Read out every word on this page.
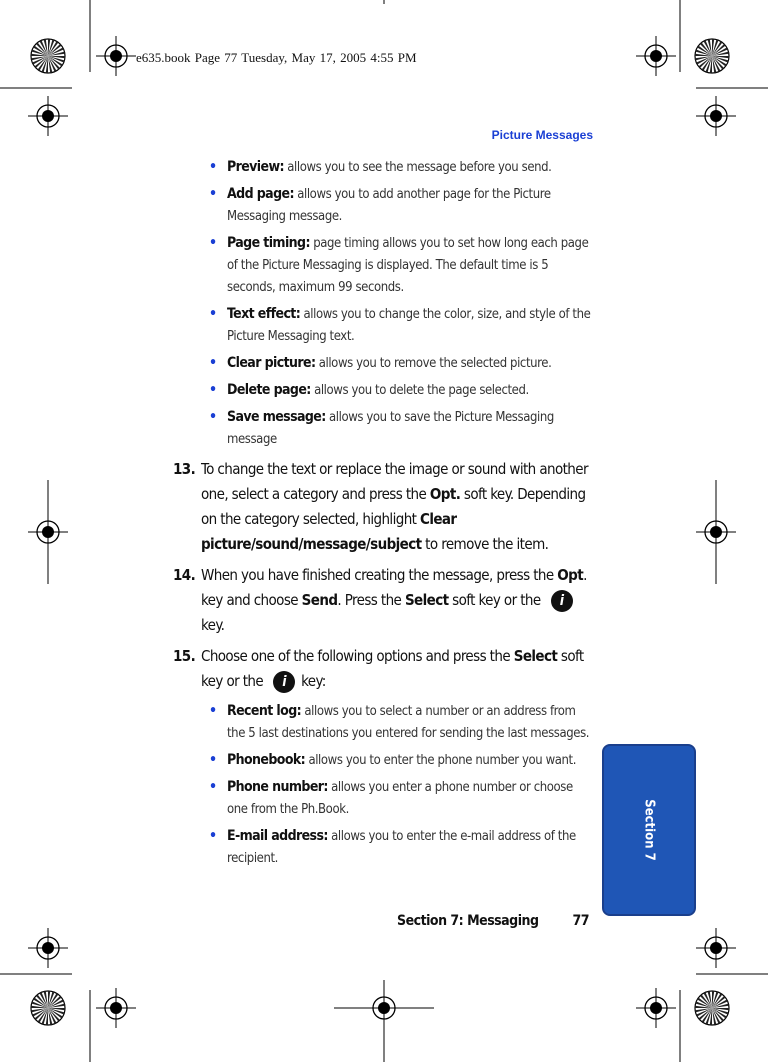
e635.book Page 77 Tuesday, May 17, 2005 4:55 PM
Picture Messages
• Preview: allows you to see the message before you send.
• Add page: allows you to add another page for the Picture Messaging message.
• Page timing: page timing allows you to set how long each page of the Picture Messaging is displayed. The default time is 5 seconds, maximum 99 seconds.
• Text effect: allows you to change the color, size, and style of the Picture Messaging text.
• Clear picture: allows you to remove the selected picture.
• Delete page: allows you to delete the page selected.
• Save message: allows you to save the Picture Messaging message
13. To change the text or replace the image or sound with another one, select a category and press the Opt. soft key. Depending on the category selected, highlight Clear picture/sound/message/subject to remove the item.
14. When you have finished creating the message, press the Opt. key and choose Send. Press the Select soft key or the ikey.
15. Choose one of the following options and press the Select soft key or the i key:
• Recent log: allows you to select a number or an address from the 5 last destinations you entered for sending the last messages.
• Phonebook: allows you to enter the phone number you want.
• Phone number: allows you enter a phone number or choose one from the Ph.Book.
• E-mail address: allows you to enter the e-mail address of the recipient.	Section 7
Section 7: Messaging 77
